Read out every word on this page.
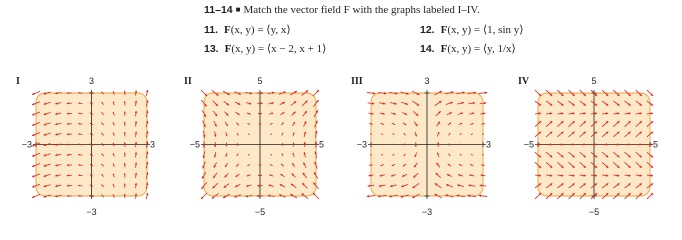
11–14 ■ Match the vector field F with the graphs labeled I–IV.
11. F(x, y) = ⟨y, x⟩	12. F(x, y) = ⟨1, sin y⟩
13. F(x, y) = ⟨x − 2, x + 1⟩	14. F(x, y) = ⟨y, 1/x⟩
I	3
−3
−3	3
II	5
−5
−5	5
III	3
−3
−3	3
IV	5
−5
−5	5
